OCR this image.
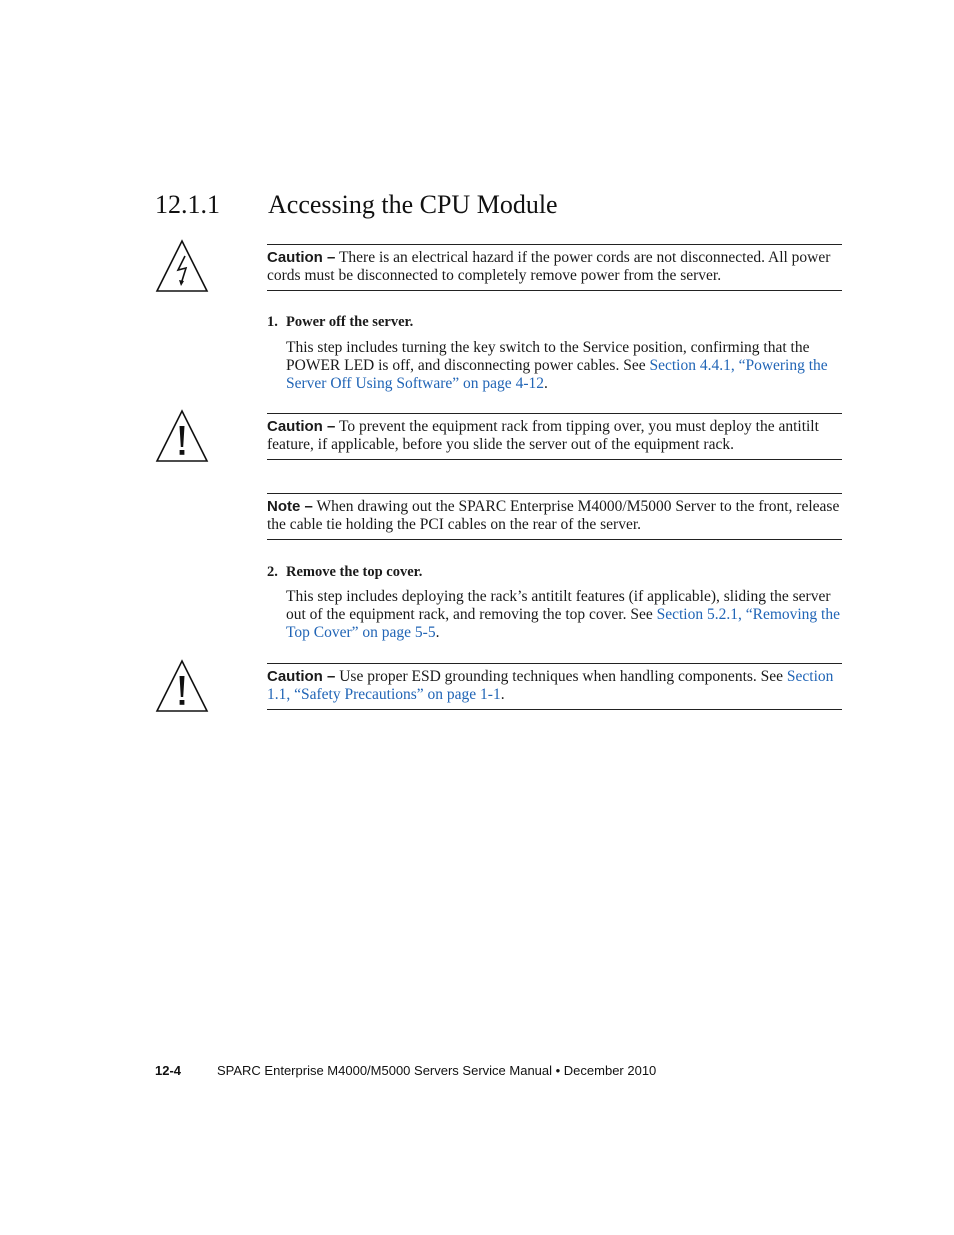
12.1.1 Accessing the CPU Module
Caution – There is an electrical hazard if the power cords are not disconnected. All power cords must be disconnected to completely remove power from the server.
1. Power off the server.
This step includes turning the key switch to the Service position, confirming that the POWER LED is off, and disconnecting power cables. See Section 4.4.1, “Powering the Server Off Using Software” on page 4-12.
Caution – To prevent the equipment rack from tipping over, you must deploy the antitilt feature, if applicable, before you slide the server out of the equipment rack.
Note – When drawing out the SPARC Enterprise M4000/M5000 Server to the front, release the cable tie holding the PCI cables on the rear of the server.
2. Remove the top cover.
This step includes deploying the rack’s antitilt features (if applicable), sliding the server out of the equipment rack, and removing the top cover. See Section 5.2.1, “Removing the Top Cover” on page 5-5.
Caution – Use proper ESD grounding techniques when handling components. See Section 1.1, “Safety Precautions” on page 1-1.
12-4	SPARC Enterprise M4000/M5000 Servers Service Manual • December 2010
